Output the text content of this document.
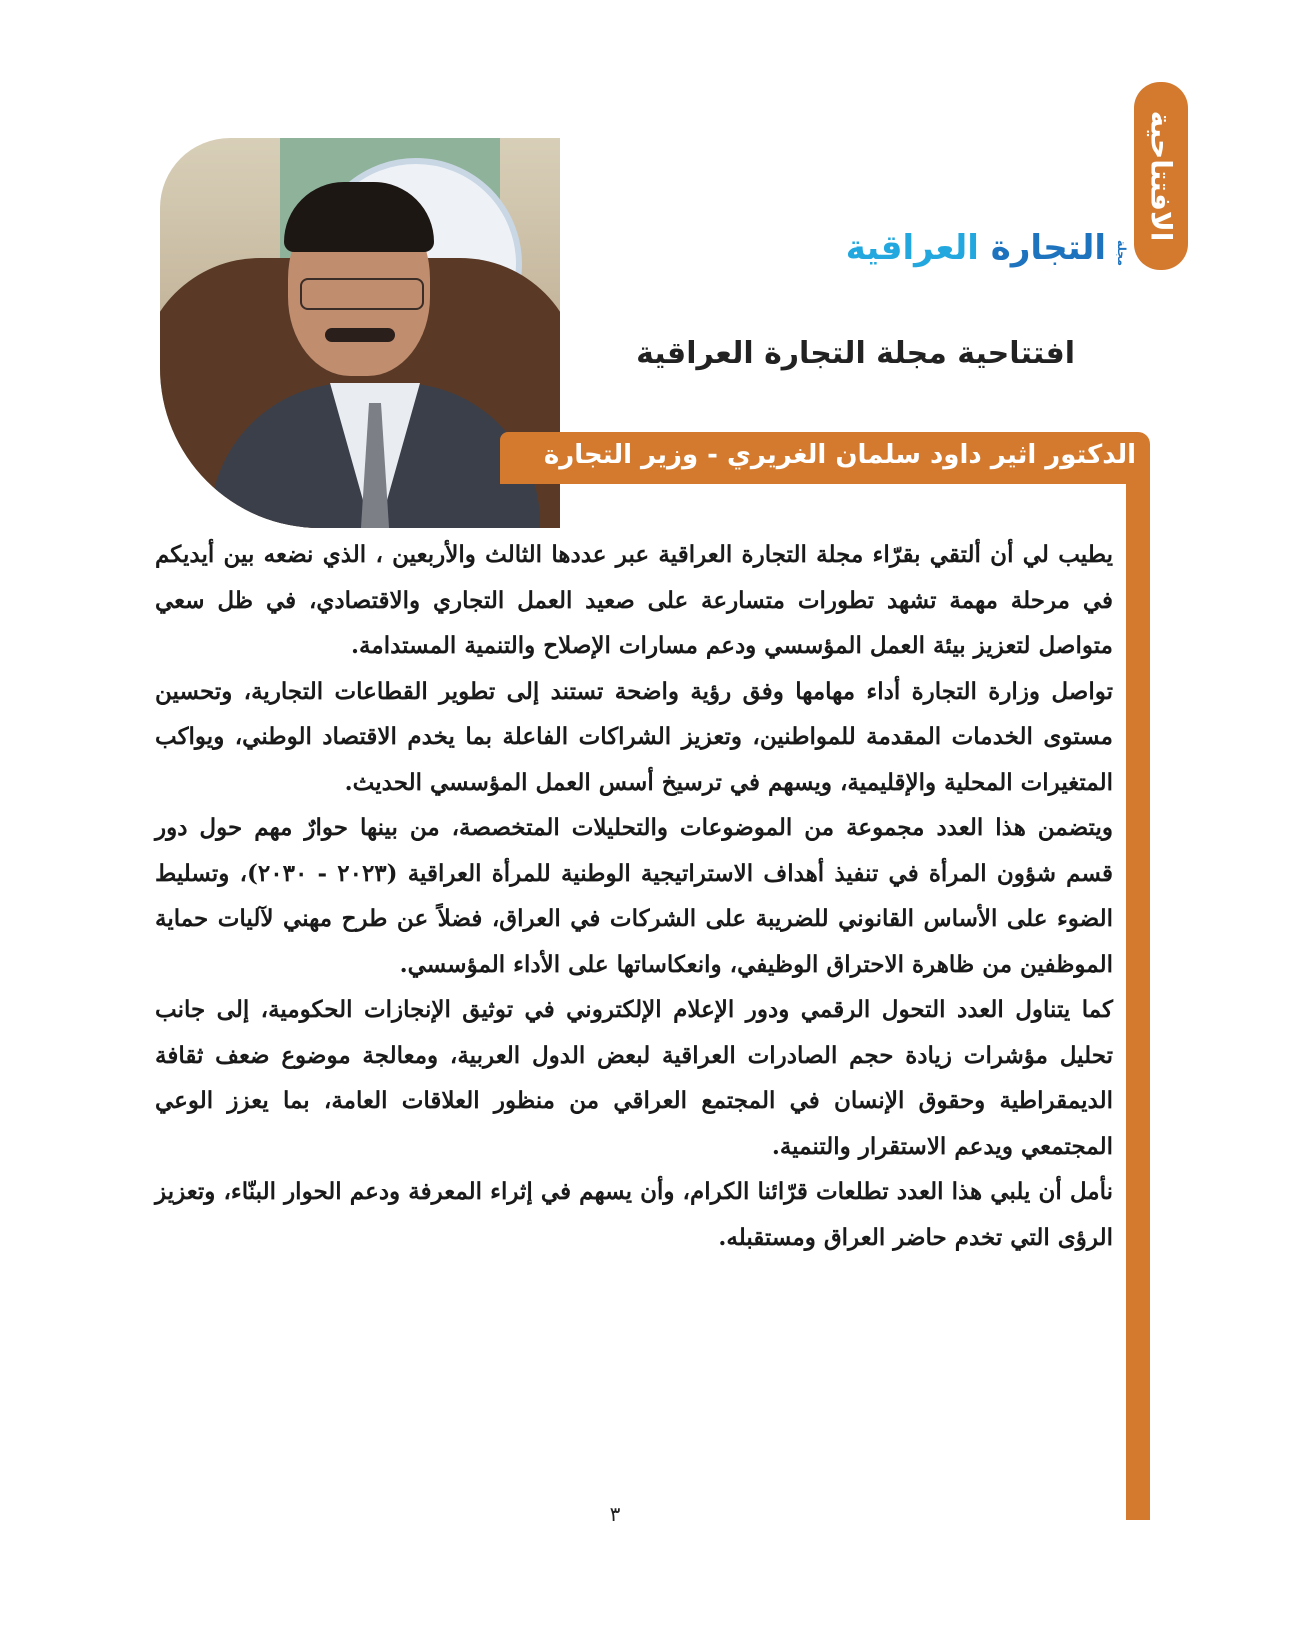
الافتتاحية
التجارة العراقية	مجلة
افتتاحية مجلة التجارة العراقية
الدكتور اثير داود سلمان الغريري - وزير التجارة

يطيب لي أن ألتقي بقرّاء مجلة التجارة العراقية عبر عددها الثالث والأربعين ، الذي نضعه بين أيديكم في مرحلة مهمة تشهد تطورات متسارعة على صعيد العمل التجاري والاقتصادي، في ظل سعي متواصل لتعزيز بيئة العمل المؤسسي ودعم مسارات الإصلاح والتنمية المستدامة.

تواصل وزارة التجارة أداء مهامها وفق رؤية واضحة تستند إلى تطوير القطاعات التجارية، وتحسين مستوى الخدمات المقدمة للمواطنين، وتعزيز الشراكات الفاعلة بما يخدم الاقتصاد الوطني، ويواكب المتغيرات المحلية والإقليمية، ويسهم في ترسيخ أسس العمل المؤسسي الحديث.

ويتضمن هذا العدد مجموعة من الموضوعات والتحليلات المتخصصة، من بينها حوارٌ مهم حول دور قسم شؤون المرأة في تنفيذ أهداف الاستراتيجية الوطنية للمرأة العراقية (٢٠٢٣ - ٢٠٣٠)، وتسليط الضوء على الأساس القانوني للضريبة على الشركات في العراق، فضلاً عن طرح مهني لآليات حماية الموظفين من ظاهرة الاحتراق الوظيفي، وانعكاساتها على الأداء المؤسسي.

كما يتناول العدد التحول الرقمي ودور الإعلام الإلكتروني في توثيق الإنجازات الحكومية، إلى جانب تحليل مؤشرات زيادة حجم الصادرات العراقية لبعض الدول العربية، ومعالجة موضوع ضعف ثقافة الديمقراطية وحقوق الإنسان في المجتمع العراقي من منظور العلاقات العامة، بما يعزز الوعي المجتمعي ويدعم الاستقرار والتنمية.

نأمل أن يلبي هذا العدد تطلعات قرّائنا الكرام، وأن يسهم في إثراء المعرفة ودعم الحوار البنّاء، وتعزيز الرؤى التي تخدم حاضر العراق ومستقبله.

٣
